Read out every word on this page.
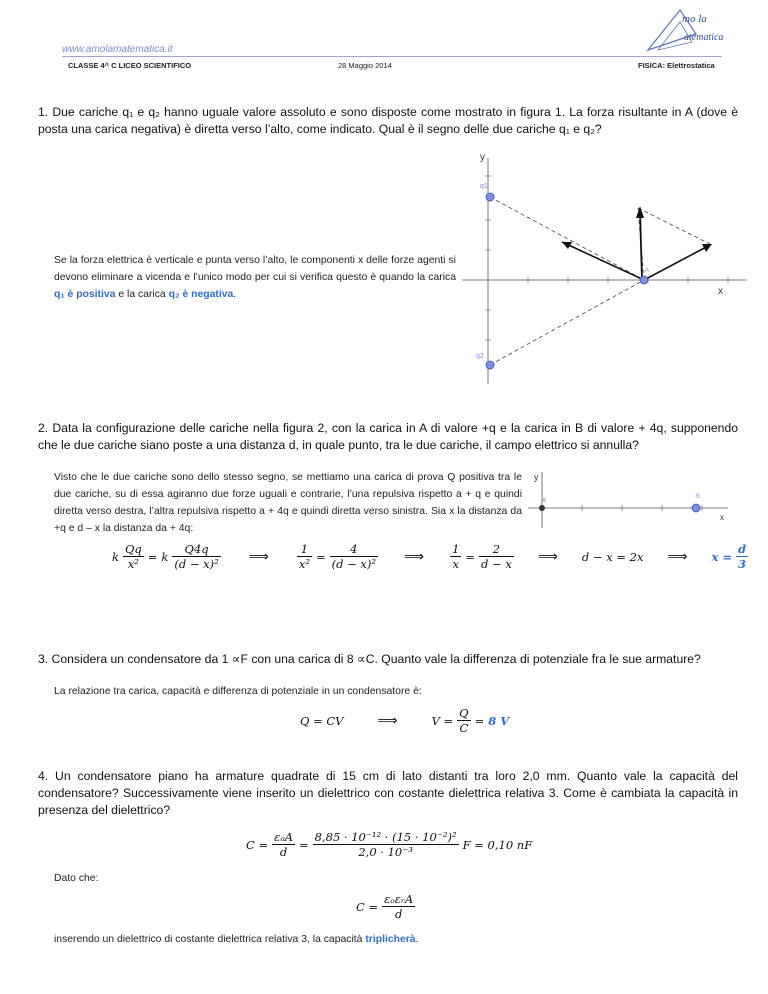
www.amolamatematica.it
mo la
atematica
CLASSE 4^ C LICEO SCIENTIFICO	28 Maggio 2014	FISICA: Elettrostatica
1. Due cariche q₁ e q₂ hanno uguale valore assoluto e sono disposte come mostrato in figura 1. La forza risultante in A (dove è posta una carica negativa) è diretta verso l’alto, come indicato. Qual è il segno delle due cariche q₁ e q₂?
Se la forza elettrica è verticale e punta verso l’alto, le componenti x delle forze agenti si devono eliminare a vicenda e l’unico modo per cui si verifica questo è quando la carica q₁ è positiva e la carica q₂ è negativa.
y
x
q1
q2
A
2. Data la configurazione delle cariche nella figura 2, con la carica in A di valore +q e la carica in B di valore + 4q, supponendo che le due cariche siano poste a una distanza d, in quale punto, tra le due cariche, il campo elettrico si annulla?
Visto che le due cariche sono dello stesso segno, se mettiamo una carica di prova Q positiva tra le due cariche, su di essa agiranno due forze uguali e contrarie, l’una repulsiva rispetto a + q e quindi diretta verso destra, l’altra repulsiva rispetto a + 4q e quindi diretta verso sinistra. Sia x la distanza da +q e d – x la distanza da + 4q:
y
x
A
B
k $\frac{Qq}{\text{x²}} = k \frac{Q4q}{\text{(d − x)²}}$ ⟹ $\frac{1}{\text{x²}} = \frac{4}{\text{(d − x)²}}$ ⟹ $\frac{1}{x} = \frac{2}{d - x}$ ⟹ d − x = 2x ⟹ $x = \frac{d}{3}$
3. Considera un condensatore da 1 ∝F con una carica di 8 ∝C. Quanto vale la differenza di potenziale fra le sue armature?
La relazione tra carica, capacità e differenza di potenziale in un condensatore è:
Q = CV ⟹	$V = \frac{Q}{C} = 8$ V
4. Un condensatore piano ha armature quadrate di 15 cm di lato distanti tra loro 2,0 mm. Quanto vale la capacità del condensatore? Successivamente viene inserito un dielettrico con costante dielettrica relativa 3. Come è cambiata la capacità in presenza del dielettrico?
$C = \frac{\text{εₒA}}{d} = \frac{\text{8,85 · 10⁻¹² · (15 · 10⁻²)²}}{\text{2,0 · 10⁻³}}$ F = 0,10 nF
Dato che:
$C = \frac{\text{εₒεᵣA}}{d}$
inserendo un dielettrico di costante dielettrica relativa 3, la capacità triplicherà.
